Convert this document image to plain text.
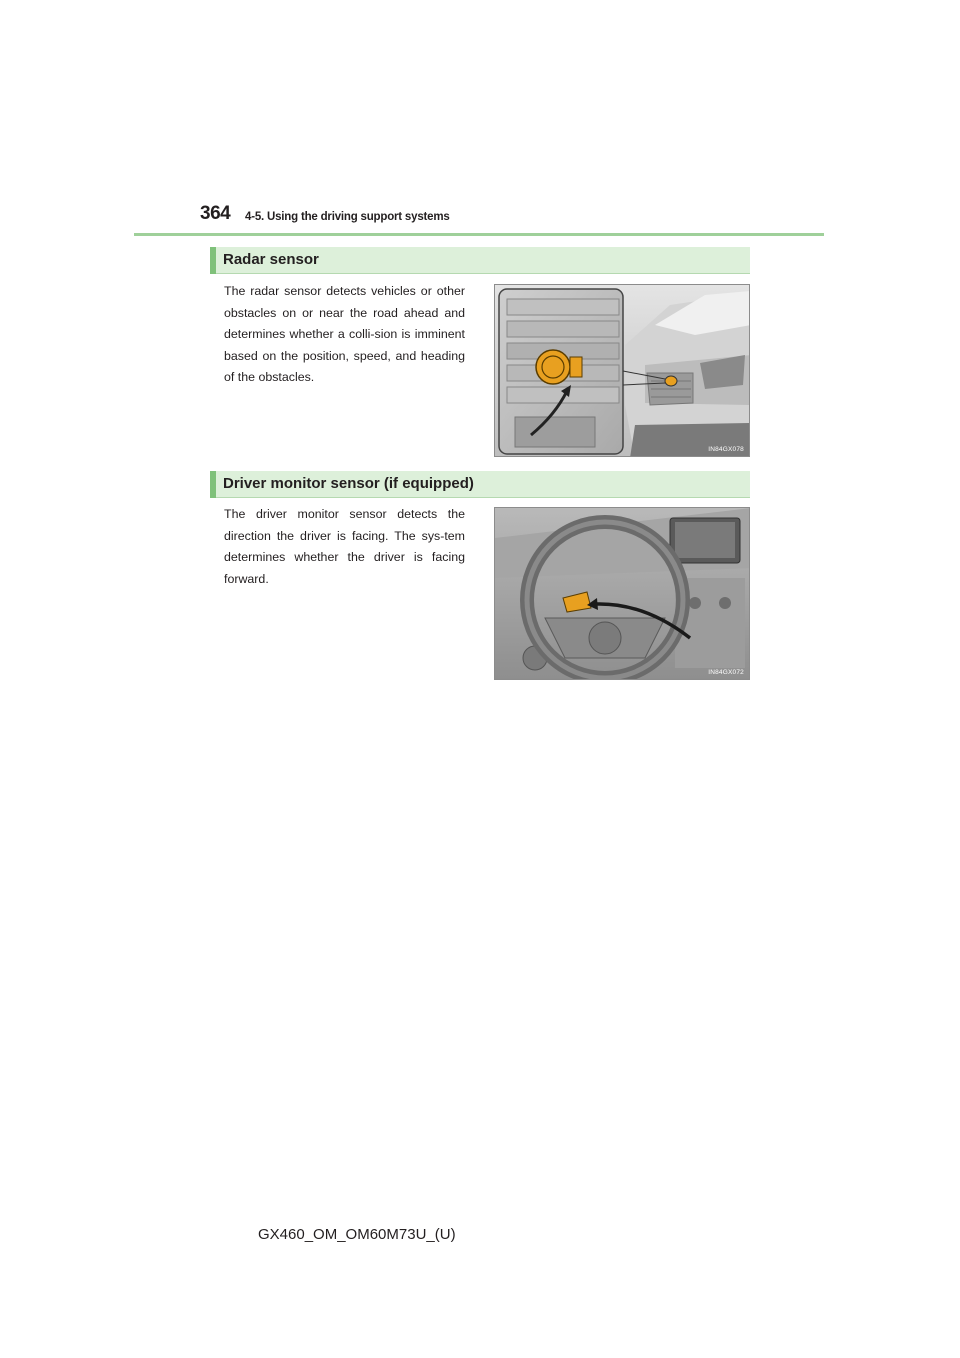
364 4-5. Using the driving support systems
Radar sensor
The radar sensor detects vehicles or other obstacles on or near the road ahead and determines whether a colli-sion is imminent based on the position, speed, and heading of the obstacles.
IN84GX078
Driver monitor sensor (if equipped)
The driver monitor sensor detects the direction the driver is facing. The sys-tem determines whether the driver is facing forward.
IN84GX072
GX460_OM_OM60M73U_(U)
